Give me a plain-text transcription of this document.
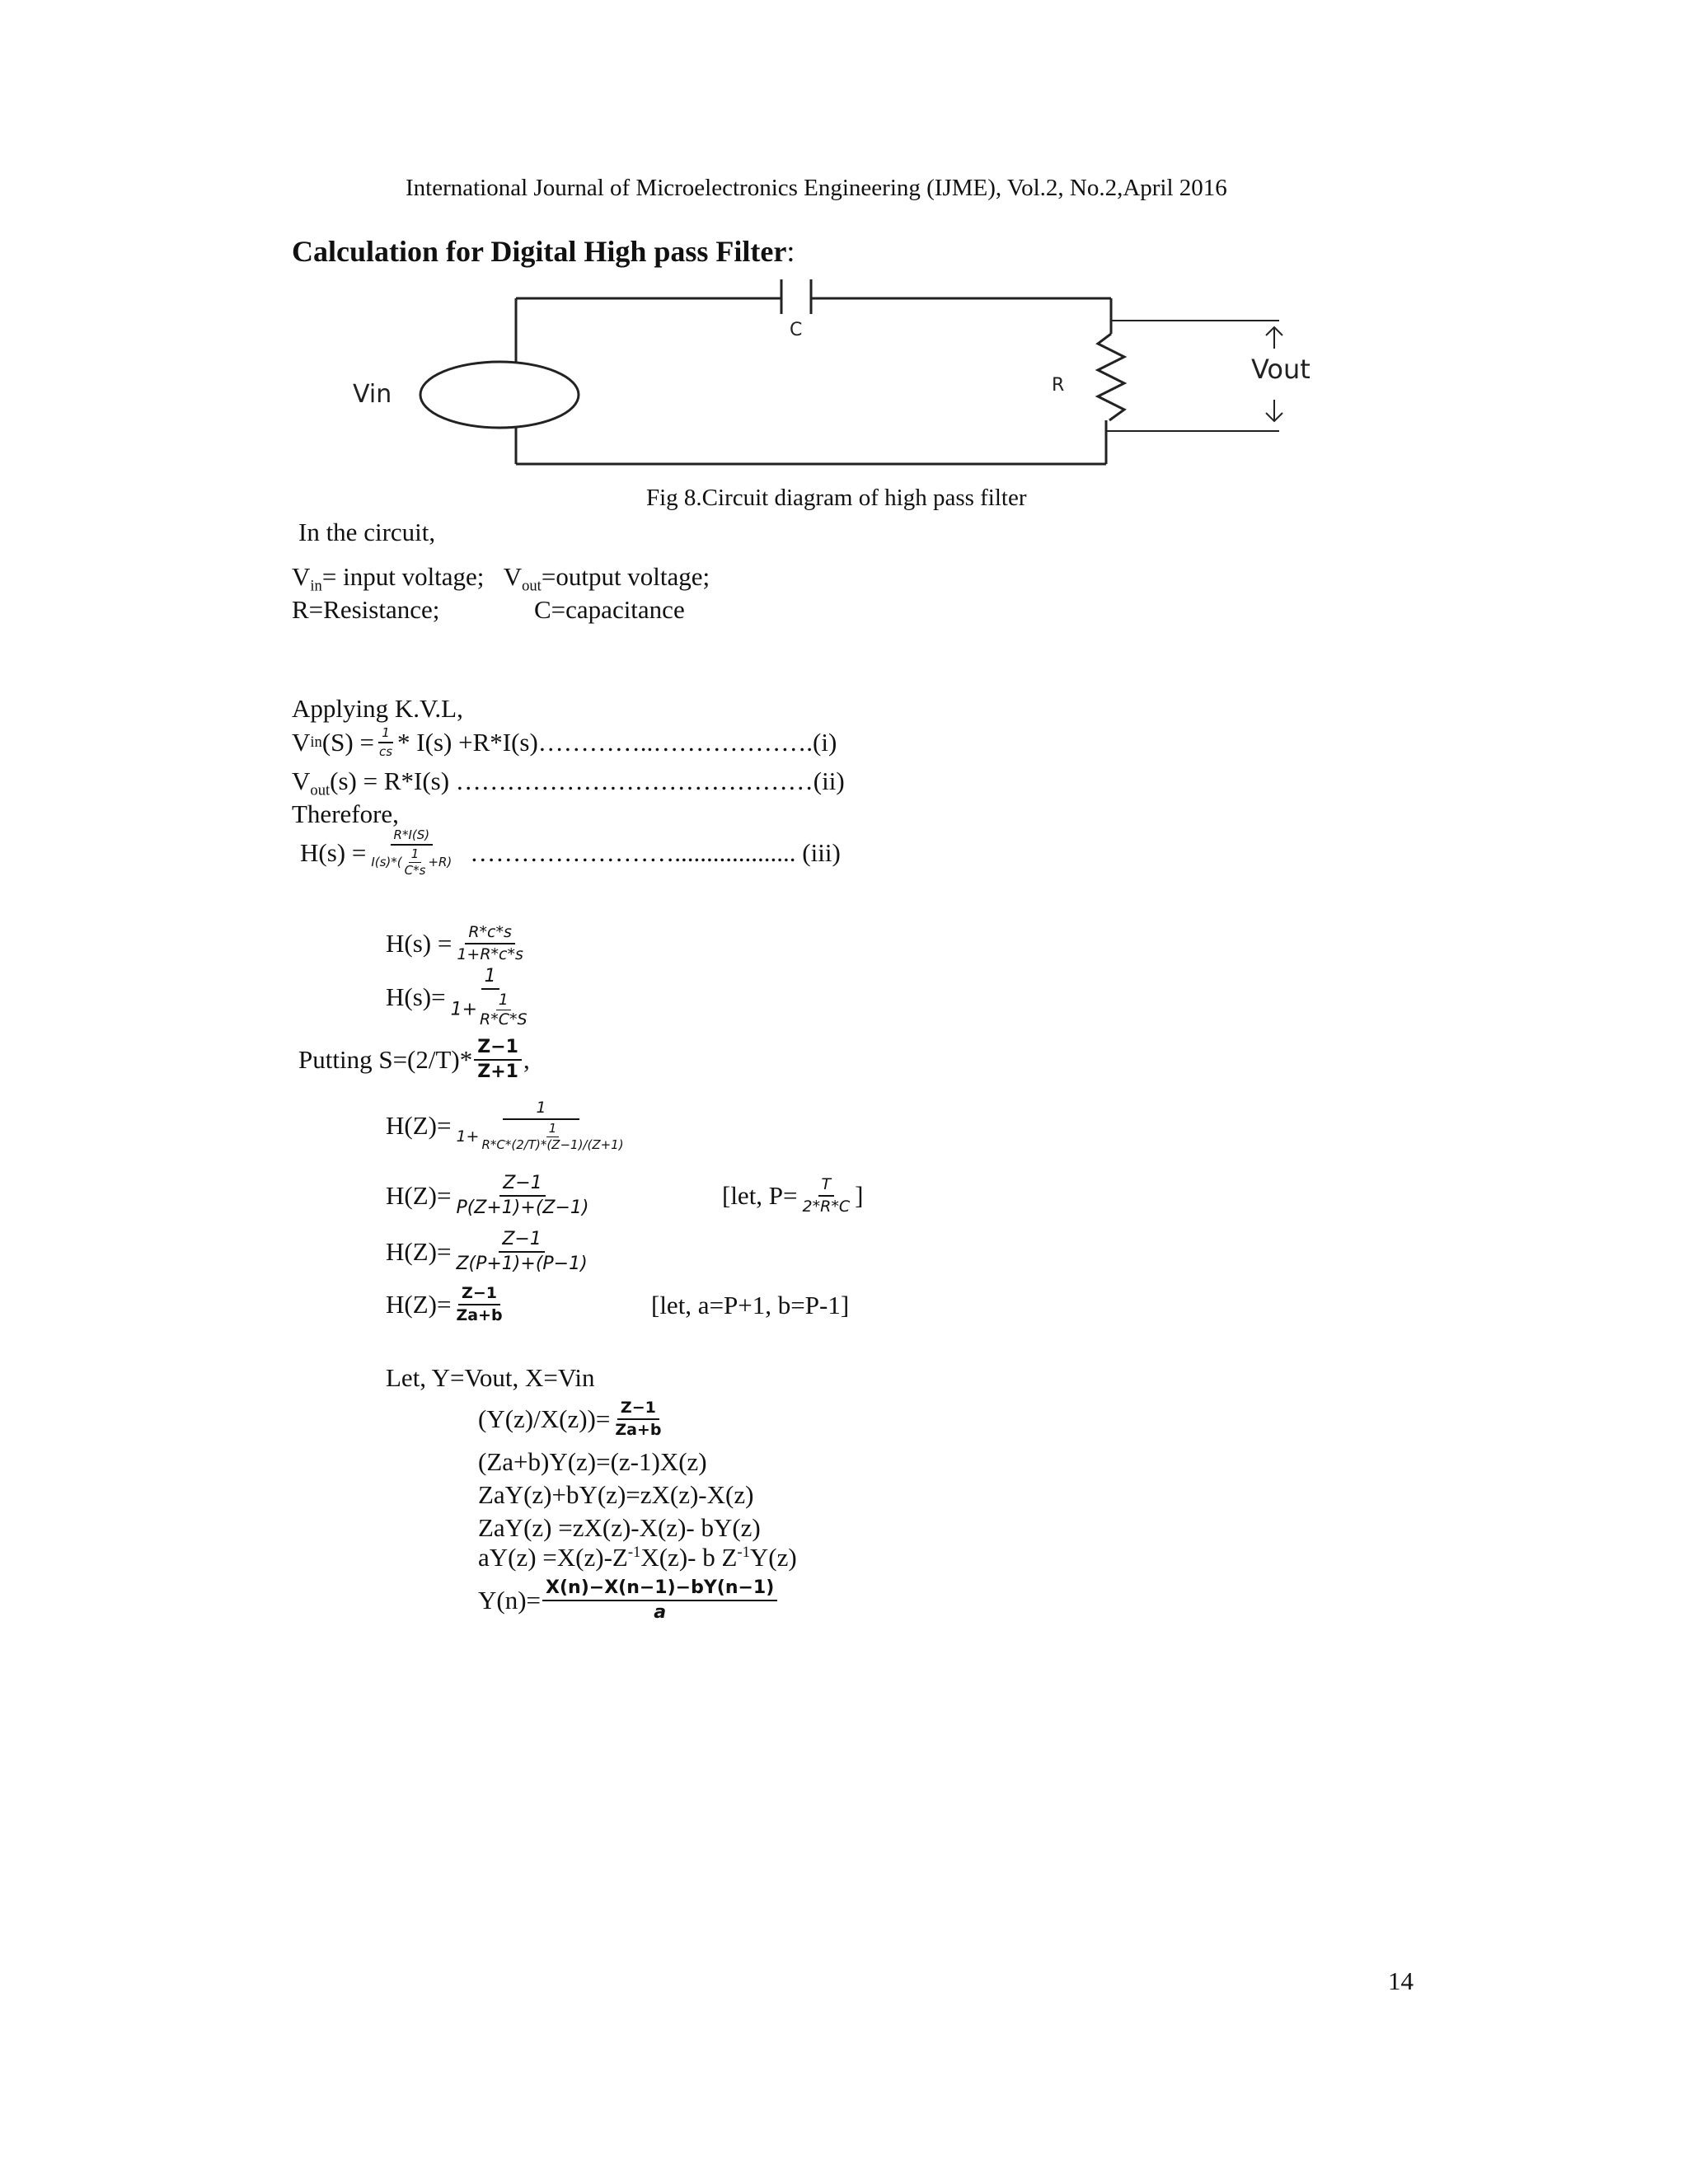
International Journal of Microelectronics Engineering (IJME), Vol.2, No.2,April 2016
Calculation for Digital High pass Filter:
Vin
C
R
Vout
Fig 8.Circuit diagram of high pass filter
In the circuit,
$V_{in}=$ input voltage; $V_{out}=output$ voltage;
R=Resistance;	C=capacitance
Applying K.V.L,
V in $(S) = \frac{1}{cs} * I(s)$ +R*I(s)…………..……………….(i)
$V_{out}(s) = R*I(s)$ ……………………………………(ii)
Therefore,
$H(s) = \frac{R*I(S)}{I(s)*( \frac{1}{C*s} +R)}$ ……………………................... (iii)
$H(s) = \frac{R*c*s}{1+R*c*s}$
$H(s)= \frac{1}{1+ \frac{1}{R*C*S}}$
Putting $S=(2/T)* \frac{Z-1}{Z+1}$ ,
$H(Z)= \frac{1}{1+ \frac{1}{R*C*(2/T)*(Z-1)/(Z+1)}}$
$H(Z)= \frac{Z-1}{P(Z+1)+(Z-1)}$	[let, $P= \frac{T}{2*R*C}$ ]
$H(Z)= \frac{Z-1}{Z(P+1)+(P-1)}$
$H(Z)= \frac{Z-1}{Za+b}$	[let, a=P+1, b=P-1]
Let, Y=Vout, X=Vin
$(Y(z)/X(z))= \frac{Z-1}{Za+b}$
(Za+b)Y(z)=(z-1)X(z)
ZaY(z)+bY(z)=zX(z)-X(z)
ZaY(z) =zX(z)-X(z)- bY(z)
$aY(z) =X(z)-Z^{-1}X(z)-$ b $Z^{-1}Y(z)$
$Y(n)= \frac{X(n)-X(n-1)-bY(n-1)}{a}$
14
